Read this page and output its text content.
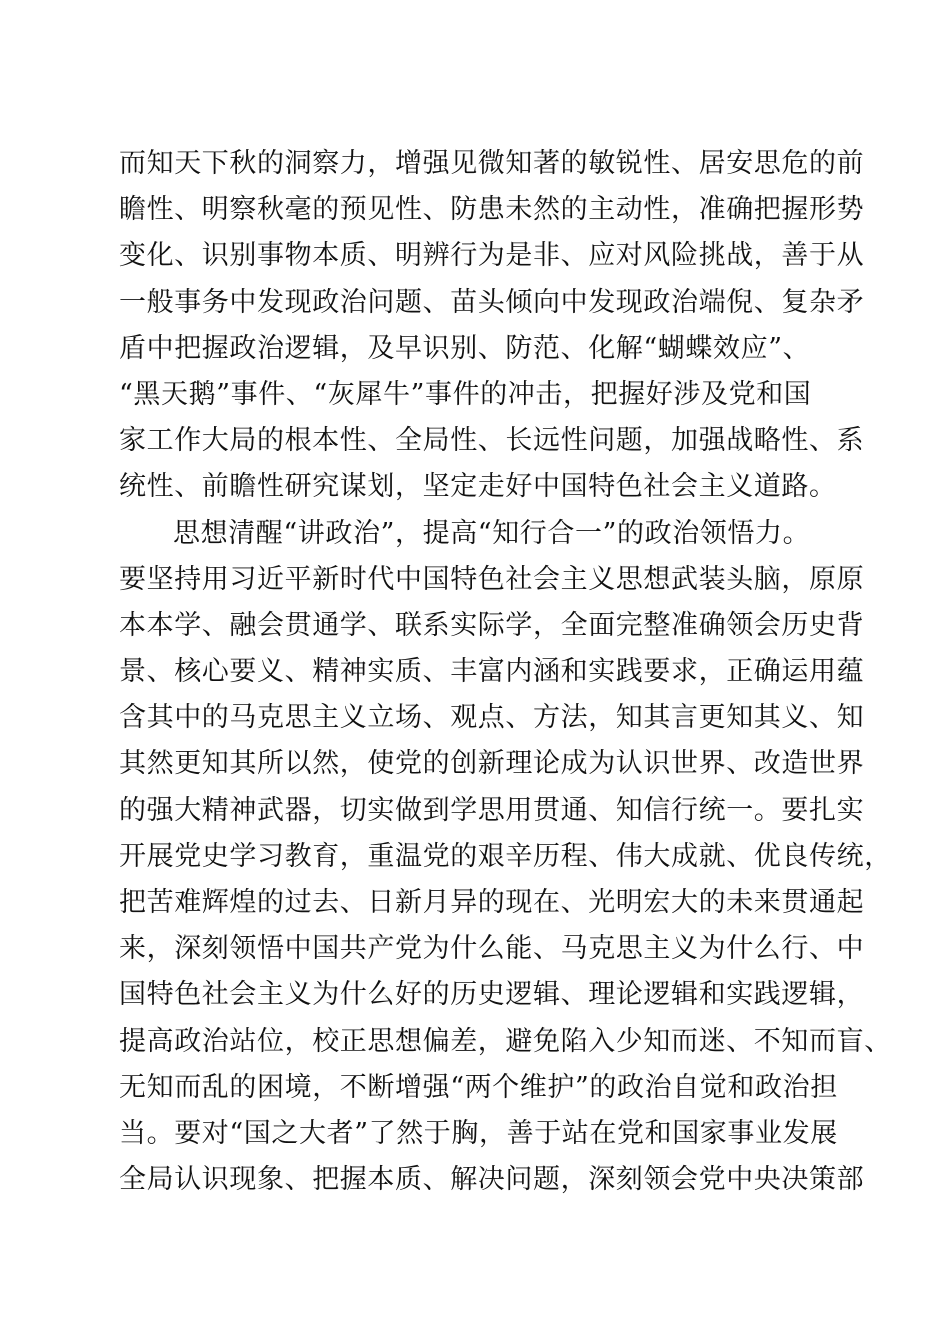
而知天下秋的洞察力，增强见微知著的敏锐性、居安思危的前
瞻性、明察秋毫的预见性、防患未然的主动性，准确把握形势
变化、识别事物本质、明辨行为是非、应对风险挑战，善于从
一般事务中发现政治问题、苗头倾向中发现政治端倪、复杂矛
盾中把握政治逻辑，及早识别、防范、化解“蝴蝶效应”、
“黑天鹅”事件、“灰犀牛”事件的冲击，把握好涉及党和国
家工作大局的根本性、全局性、长远性问题，加强战略性、系
统性、前瞻性研究谋划，坚定走好中国特色社会主义道路。
思想清醒“讲政治”，提高“知行合一”的政治领悟力。
要坚持用习近平新时代中国特色社会主义思想武装头脑，原原
本本学、融会贯通学、联系实际学，全面完整准确领会历史背
景、核心要义、精神实质、丰富内涵和实践要求，正确运用蕴
含其中的马克思主义立场、观点、方法，知其言更知其义、知
其然更知其所以然，使党的创新理论成为认识世界、改造世界
的强大精神武器，切实做到学思用贯通、知信行统一。要扎实
开展党史学习教育，重温党的艰辛历程、伟大成就、优良传统，
把苦难辉煌的过去、日新月异的现在、光明宏大的未来贯通起
来，深刻领悟中国共产党为什么能、马克思主义为什么行、中
国特色社会主义为什么好的历史逻辑、理论逻辑和实践逻辑，
提高政治站位，校正思想偏差，避免陷入少知而迷、不知而盲、
无知而乱的困境，不断增强“两个维护”的政治自觉和政治担
当。要对“国之大者”了然于胸，善于站在党和国家事业发展
全局认识现象、把握本质、解决问题，深刻领会党中央决策部
